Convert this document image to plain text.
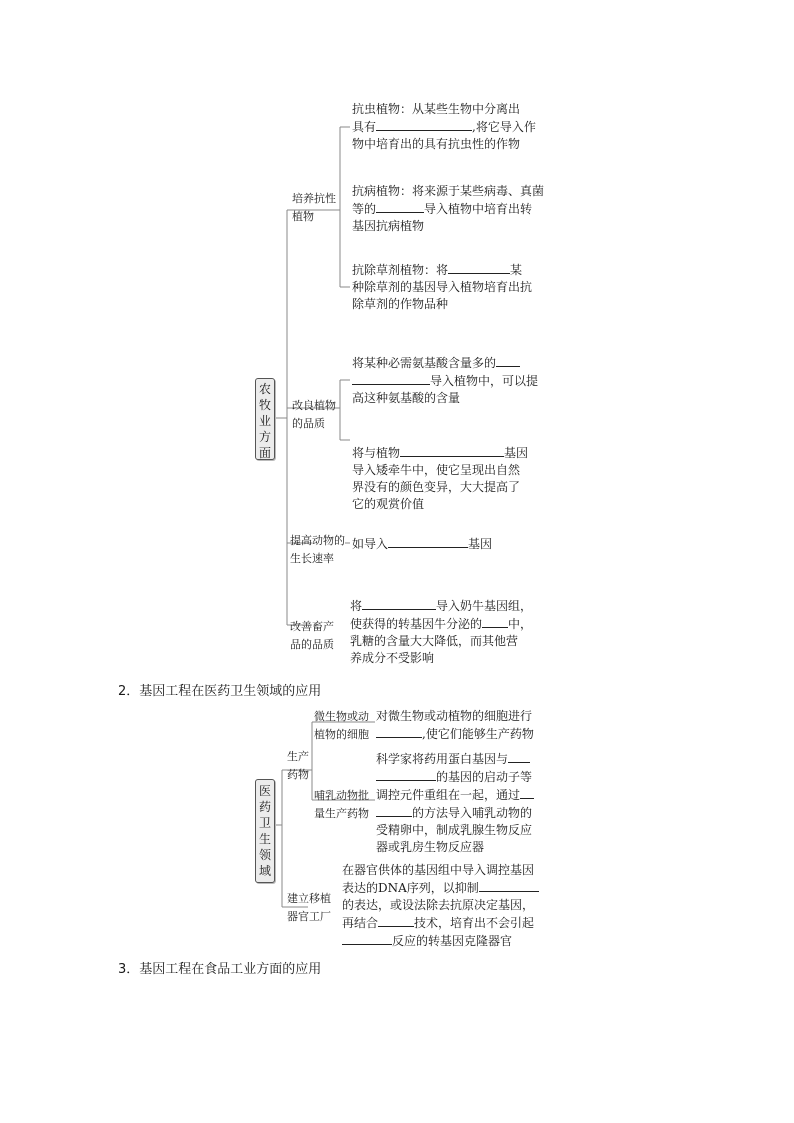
农
牧
业
方
面
培养抗性
植物
抗虫植物：从某些生物中分离出
具有	,将它导入作
物中培育出的具有抗虫性的作物
抗病植物：将来源于某些病毒、真菌
等的	导入植物中培育出转
基因抗病植物
抗除草剂植物：将	某
种除草剂的基因导入植物培育出抗
除草剂的作物品种
改良植物
的品质
将某种必需氨基酸含量多的
导入植物中，可以提
高这种氨基酸的含量
将与植物	基因
导入矮牵牛中，使它呈现出自然
界没有的颜色变异，大大提高了
它的观赏价值
提高动物的
生长速率
如导入	基因
改善畜产
品的品质
将	导入奶牛基因组，
使获得的转基因牛分泌的 中，
乳糖的含量大大降低，而其他营
养成分不受影响
2．基因工程在医药卫生领域的应用
医
药
卫
生
领
域
生产
药物
微生物或动
植物的细胞
对微生物或动植物的细胞进行
,使它们能够生产药物
哺乳动物批
量生产药物
科学家将药用蛋白基因与
的基因的启动子等
调控元件重组在一起，通过
的方法导入哺乳动物的
受精卵中，制成乳腺生物反应
器或乳房生物反应器
建立移植
器官工厂
在器官供体的基因组中导入调控基因
表达的DNA序列，以抑制
的表达，或设法除去抗原决定基因，
再结合	技术，培育出不会引起
反应的转基因克隆器官
3．基因工程在食品工业方面的应用
